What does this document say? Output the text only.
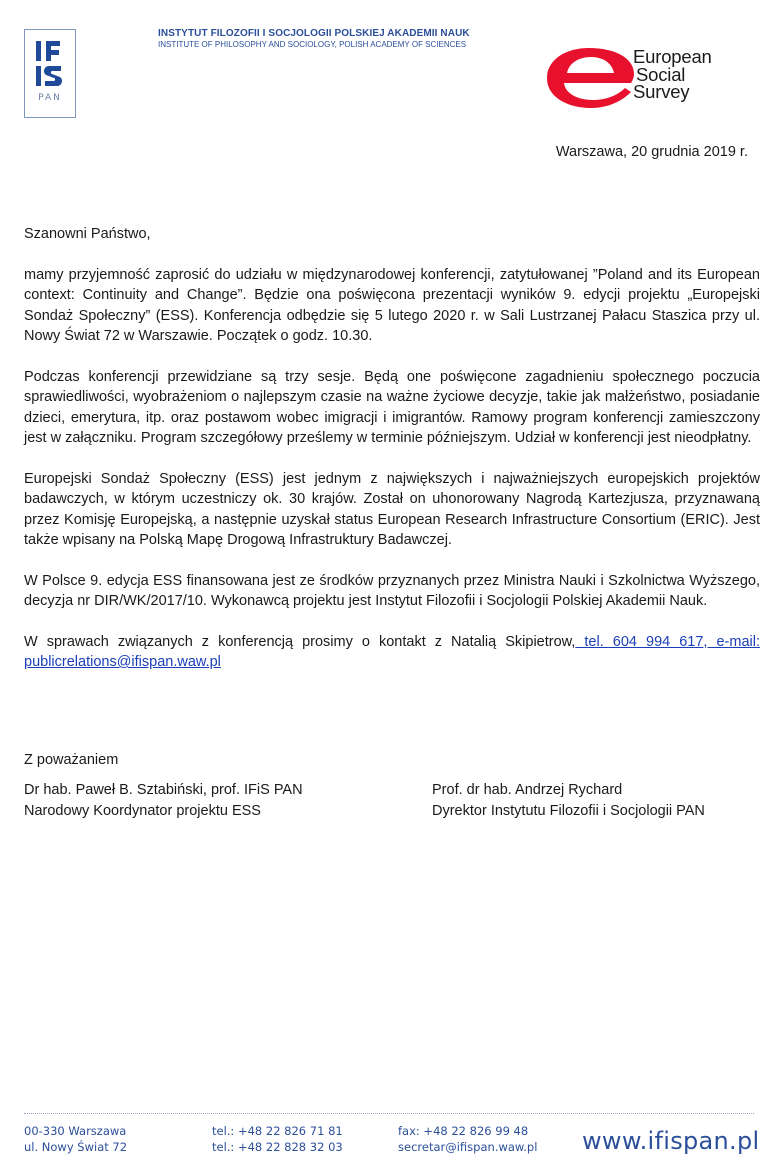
PAN
INSTYTUT FILOZOFII I SOCJOLOGII POLSKIEJ AKADEMII NAUK
INSTITUTE OF PHILOSOPHY AND SOCIOLOGY, POLISH ACADEMY OF SCIENCES
European
Social
Survey
Warszawa, 20 grudnia 2019 r.

Szanowni Państwo,

mamy przyjemność zaprosić do udziału w międzynarodowej konferencji, zatytułowanej ”Poland and its European context: Continuity and Change”. Będzie ona poświęcona prezentacji wyników 9. edycji projektu „Europejski Sondaż Społeczny” (ESS). Konferencja odbędzie się 5 lutego 2020 r. w Sali Lustrzanej Pałacu Staszica przy ul. Nowy Świat 72 w Warszawie. Początek o godz. 10.30.

Podczas konferencji przewidziane są trzy sesje. Będą one poświęcone zagadnieniu społecznego poczucia sprawiedliwości, wyobrażeniom o najlepszym czasie na ważne życiowe decyzje, takie jak małżeństwo, posiadanie dzieci, emerytura, itp. oraz postawom wobec imigracji i imigrantów. Ramowy program konferencji zamieszczony jest w załączniku. Program szczegółowy prześlemy w terminie późniejszym. Udział w konferencji jest nieodpłatny.

Europejski Sondaż Społeczny (ESS) jest jednym z największych i najważniejszych europejskich projektów badawczych, w którym uczestniczy ok. 30 krajów. Został on uhonorowany Nagrodą Kartezjusza, przyznawaną przez Komisję Europejską, a następnie uzyskał status European Research Infrastructure Consortium (ERIC). Jest także wpisany na Polską Mapę Drogową Infrastruktury Badawczej.

W Polsce 9. edycja ESS finansowana jest ze środków przyznanych przez Ministra Nauki i Szkolnictwa Wyższego, decyzja nr DIR/WK/2017/10. Wykonawcą projektu jest Instytut Filozofii i Socjologii Polskiej Akademii Nauk.

W sprawach związanych z konferencją prosimy o kontakt z Natalią Skipietrow, tel. 604 994 617, e-mail: publicrelations@ifispan.waw.pl

Z poważaniem
Dr hab. Paweł B. Sztabiński, prof. IFiS PAN
Narodowy Koordynator projektu ESS
Prof. dr hab. Andrzej Rychard
Dyrektor Instytutu Filozofii i Socjologii PAN
00-330 Warszawa
ul. Nowy Świat 72
tel.: +48 22 826 71 81
tel.: +48 22 828 32 03
fax: +48 22 826 99 48
secretar@ifispan.waw.pl www.ifispan.pl
